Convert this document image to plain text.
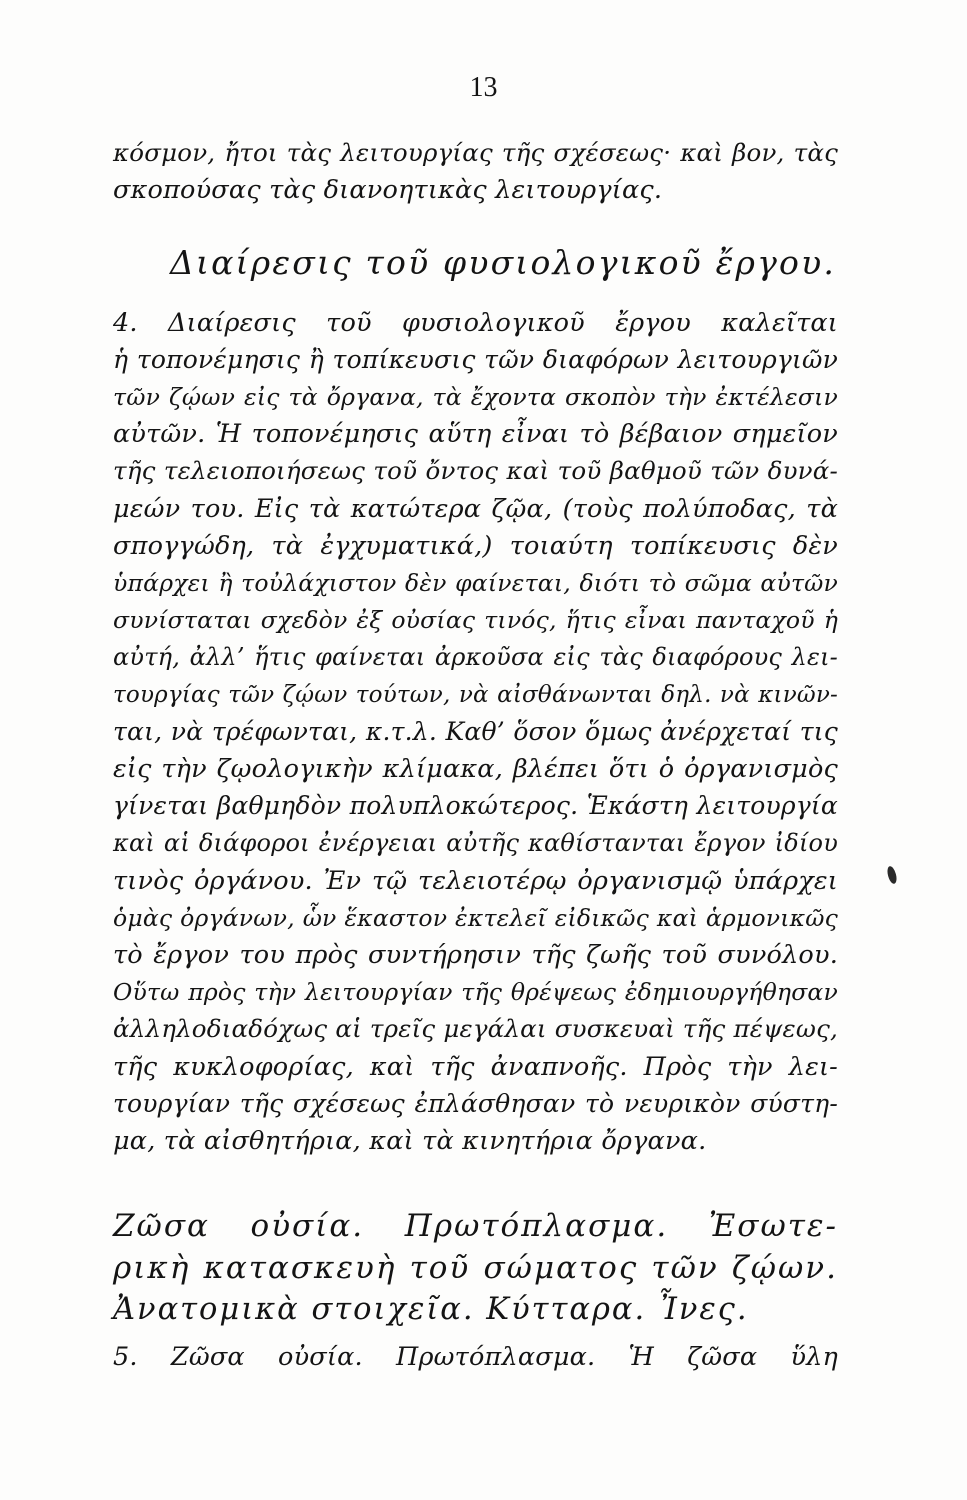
13
κόσμον, ἤτοι τὰς λειτουργίας τῆς σχέσεως· καὶ βον, τὰς
σκοπούσας τὰς διανοητικὰς λειτουργίας.
Διαίρεσις τοῦ φυσιολογικοῦ ἔργου.
4. Διαίρεσις τοῦ φυσιολογικοῦ ἔργου καλεῖται
ἡ τοπονέμησις ἢ τοπίκευσις τῶν διαφόρων λειτουργιῶν
τῶν ζῴων εἰς τὰ ὄργανα, τὰ ἔχοντα σκοπὸν τὴν ἐκτέλεσιν
αὐτῶν. Ἡ τοπονέμησις αὕτη εἶναι τὸ βέβαιον σημεῖον
τῆς τελειοποιήσεως τοῦ ὄντος καὶ τοῦ βαθμοῦ τῶν δυνά-
μεών του. Εἰς τὰ κατώτερα ζῷα, (τοὺς πολύποδας, τὰ
σπογγώδη, τὰ ἐγχυματικά,) τοιαύτη τοπίκευσις δὲν
ὑπάρχει ἢ τοὐλάχιστον δὲν φαίνεται, διότι τὸ σῶμα αὐτῶν
συνίσταται σχεδὸν ἐξ οὐσίας τινός, ἥτις εἶναι πανταχοῦ ἡ
αὐτή, ἀλλ’ ἥτις φαίνεται ἀρκοῦσα εἰς τὰς διαφόρους λει-
τουργίας τῶν ζῴων τούτων, νὰ αἰσθάνωνται δηλ. νὰ κινῶν-
ται, νὰ τρέφωνται, κ.τ.λ. Καθ’ ὅσον ὅμως ἀνέρχεταί τις
εἰς τὴν ζῳολογικὴν κλίμακα, βλέπει ὅτι ὁ ὀργανισμὸς
γίνεται βαθμηδὸν πολυπλοκώτερος. Ἑκάστη λειτουργία
καὶ αἱ διάφοροι ἐνέργειαι αὐτῆς καθίστανται ἔργον ἰδίου
τινὸς ὀργάνου. Ἐν τῷ τελειοτέρῳ ὀργανισμῷ ὑπάρχει
ὁμὰς ὀργάνων, ὧν ἕκαστον ἐκτελεῖ εἰδικῶς καὶ ἁρμονικῶς
τὸ ἔργον του πρὸς συντήρησιν τῆς ζωῆς τοῦ συνόλου.
Οὕτω πρὸς τὴν λειτουργίαν τῆς θρέψεως ἐδημιουργήθησαν
ἀλληλοδιαδόχως αἱ τρεῖς μεγάλαι συσκευαὶ τῆς πέψεως,
τῆς κυκλοφορίας, καὶ τῆς ἀναπνοῆς. Πρὸς τὴν λει-
τουργίαν τῆς σχέσεως ἐπλάσθησαν τὸ νευρικὸν σύστη-
μα, τὰ αἰσθητήρια, καὶ τὰ κινητήρια ὄργανα.
Ζῶσα οὐσία. Πρωτόπλασμα. Ἐσωτε-
ρικὴ κατασκευὴ τοῦ σώματος τῶν ζῴων.
Ἀνατομικὰ στοιχεῖα. Κύτταρα. Ἶνες.
5. Ζῶσα οὐσία. Πρωτόπλασμα. Ἡ ζῶσα ὕλη
